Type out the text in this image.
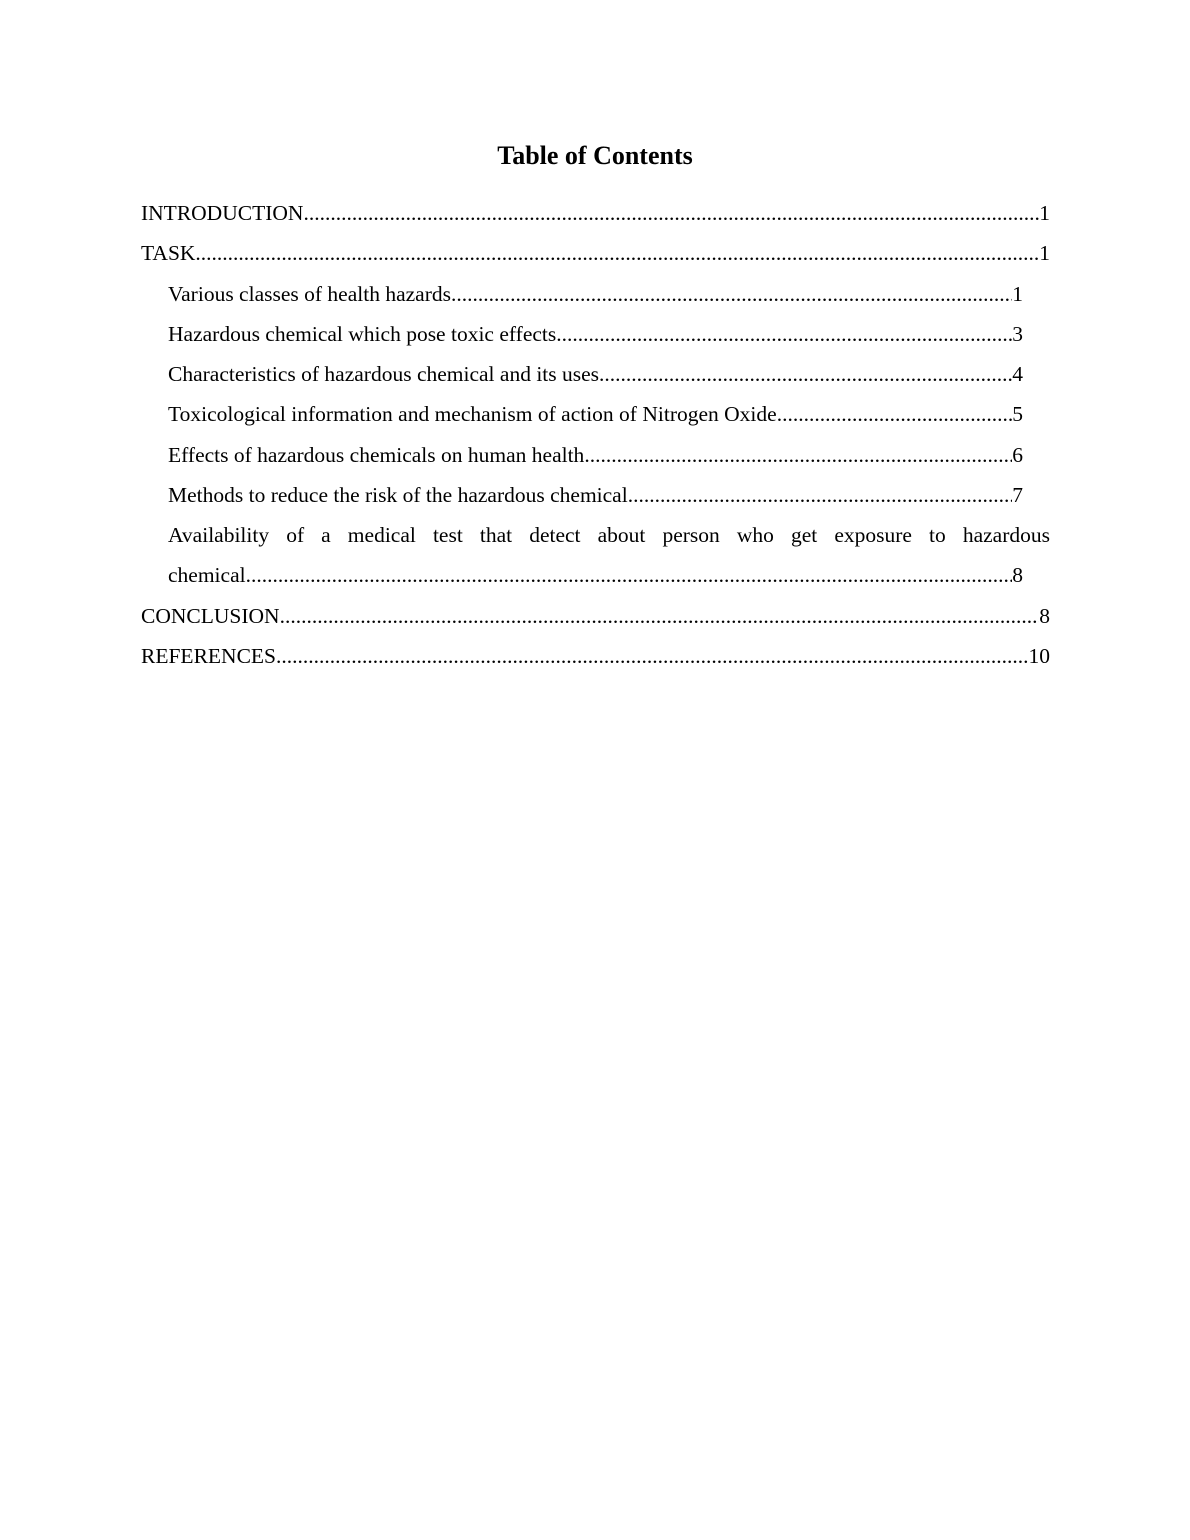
Table of Contents
INTRODUCTION .....	1
TASK .....	1
Various classes of health hazards .....	1
Hazardous chemical which pose toxic effects .....	3
Characteristics of hazardous chemical and its uses .....	4
Toxicological information and mechanism of action of Nitrogen Oxide .....	5
Effects of hazardous chemicals on human health .....	6
Methods to reduce the risk of the hazardous chemical .....	7
Availability of a medical test that detect about person who get exposure to hazardous
chemical .....	8
CONCLUSION .....	8
REFERENCES .....	10
